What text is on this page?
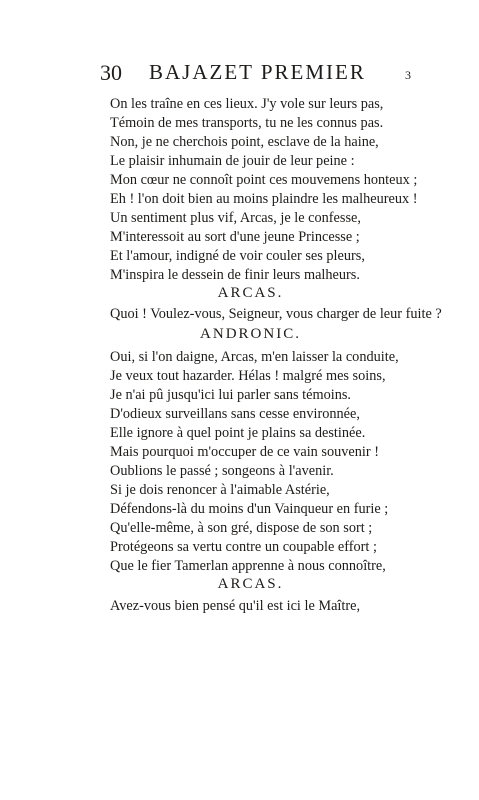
30 BAJAZET PREMIER	3
On les traîne en ces lieux. J'y vole sur leurs pas,
Témoin de mes transports, tu ne les connus pas.
Non, je ne cherchois point, esclave de la haine,
Le plaisir inhumain de jouir de leur peine :
Mon cœur ne connoît point ces mouvemens honteux ;
Eh ! l'on doit bien au moins plaindre les malheureux !
Un sentiment plus vif, Arcas, je le confesse,
M'interessoit au sort d'une jeune Princesse ;
Et l'amour, indigné de voir couler ses pleurs,
M'inspira le dessein de finir leurs malheurs.
ARCAS.
Quoi ! Voulez-vous, Seigneur, vous charger de leur fuite ?
ANDRONIC.
Oui, si l'on daigne, Arcas, m'en laisser la conduite,
Je veux tout hazarder. Hélas ! malgré mes soins,
Je n'ai pû jusqu'ici lui parler sans témoins.
D'odieux surveillans sans cesse environnée,
Elle ignore à quel point je plains sa destinée.
Mais pourquoi m'occuper de ce vain souvenir !
Oublions le passé ; songeons à l'avenir.
Si je dois renoncer à l'aimable Astérie,
Défendons-là du moins d'un Vainqueur en furie ;
Qu'elle-même, à son gré, dispose de son sort ;
Protégeons sa vertu contre un coupable effort ;
Que le fier Tamerlan apprenne à nous connoître,
ARCAS.
Avez-vous bien pensé qu'il est ici le Maître,
